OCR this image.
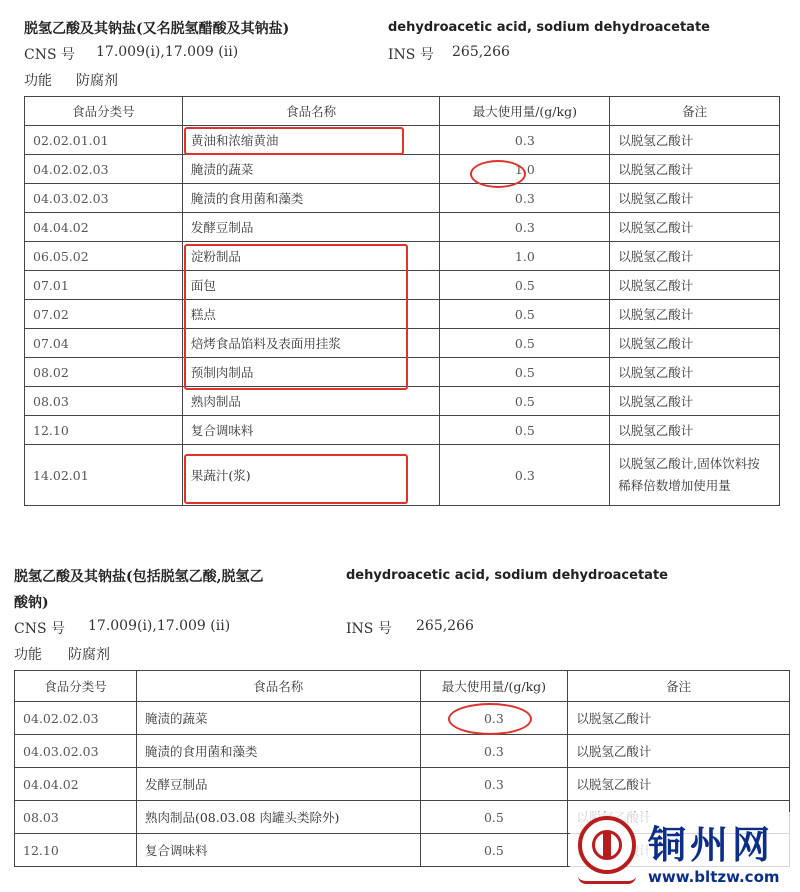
脱氢乙酸及其钠盐(又名脱氢醋酸及其钠盐)	dehydroacetic acid, sodium dehydroacetate
CNS 号 17.009(i),17.009 (ii)	INS 号 265,266
功能 防腐剂
食品分类号	食品名称	最大使用量/(g/kg)	备注
02.02.01.01	黄油和浓缩黄油	0.3	以脱氢乙酸计
04.02.02.03	腌渍的蔬菜	1.0	以脱氢乙酸计
04.03.02.03	腌渍的食用菌和藻类	0.3	以脱氢乙酸计
04.04.02	发酵豆制品	0.3	以脱氢乙酸计
06.05.02	淀粉制品	1.0	以脱氢乙酸计
07.01	面包	0.5	以脱氢乙酸计
07.02	糕点	0.5	以脱氢乙酸计
07.04	焙烤食品馅料及表面用挂浆	0.5	以脱氢乙酸计
08.02	预制肉制品	0.5	以脱氢乙酸计
08.03	熟肉制品	0.5	以脱氢乙酸计
12.10	复合调味料	0.5	以脱氢乙酸计
14.02.01	果蔬汁(浆)	0.3	以脱氢乙酸计,固体饮料按稀释倍数增加使用量
脱氢乙酸及其钠盐(包括脱氢乙酸,脱氢乙	dehydroacetic acid, sodium dehydroacetate
酸钠)
CNS 号 17.009(i),17.009 (ii)	INS 号 265,266
功能 防腐剂
食品分类号	食品名称	最大使用量/(g/kg)	备注
04.02.02.03	腌渍的蔬菜	0.3	以脱氢乙酸计
04.03.02.03	腌渍的食用菌和藻类	0.3	以脱氢乙酸计
04.04.02	发酵豆制品	0.3	以脱氢乙酸计
08.03	熟肉制品(08.03.08 肉罐头类除外)	0.5	
12.10	复合调味料	0.5		铜州网
www.bltzw.com
